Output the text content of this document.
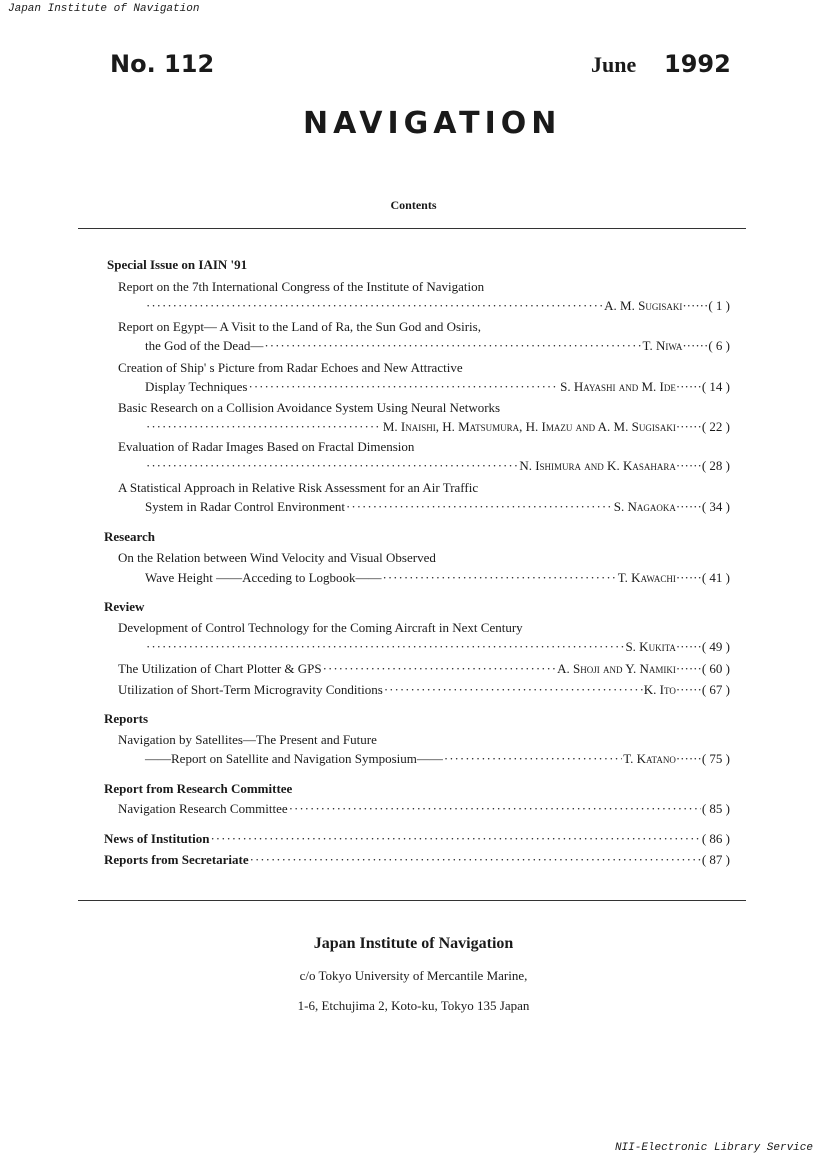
Japan Institute of Navigation
No. 112	June 1992
NAVIGATION
Contents
Special Issue on IAIN '91
Report on the 7th International Congress of the Institute of Navigation
·····
A. M. Sugisaki ······ ( 1 )
Report on Egypt— A Visit to the Land of Ra, the Sun God and Osiris,
the God of the Dead— ·····	T. Niwa ······ ( 6 )
Creation of Ship' s Picture from Radar Echoes and New Attractive
Display Techniques ·····	S. Hayashi and M. Ide ······ ( 14 )
Basic Research on a Collision Avoidance System Using Neural Networks
·····
M. Inaishi, H. Matsumura, H. Imazu and A. M. Sugisaki ······ ( 22 )
Evaluation of Radar Images Based on Fractal Dimension
·····
N. Ishimura and K. Kasahara ······ ( 28 )
A Statistical Approach in Relative Risk Assessment for an Air Traffic
System in Radar Control Environment ·····	S. Nagaoka ······ ( 34 )
Research
On the Relation between Wind Velocity and Visual Observed
Wave Height ——Acceding to Logbook—— ·····	T. Kawachi ······ ( 41 )
Review
Development of Control Technology for the Coming Aircraft in Next Century
·····
S. Kukita ······ ( 49 )
The Utilization of Chart Plotter & GPS ·····	A. Shoji and Y. Namiki ······ ( 60 )
Utilization of Short-Term Microgravity Conditions ·····	K. Ito ······ ( 67 )
Reports
Navigation by Satellites—The Present and Future
——Report on Satellite and Navigation Symposium—— ·····	T. Katano ······ ( 75 )
Report from Research Committee
Navigation Research Committee ·····	( 85 )
News of Institution ·····	( 86 )
Reports from Secretariate ·····	( 87 )
Japan Institute of Navigation
c/o Tokyo University of Mercantile Marine,
1-6, Etchujima 2, Koto-ku, Tokyo 135 Japan
NII-Electronic Library Service
